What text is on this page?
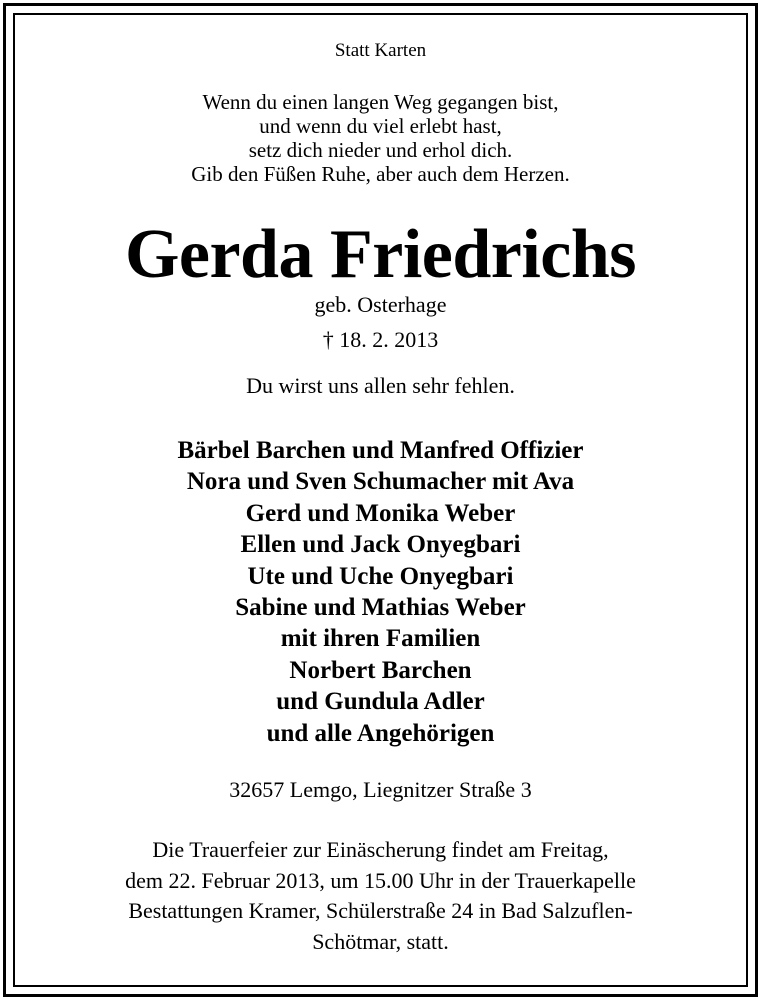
Statt Karten
Wenn du einen langen Weg gegangen bist,
und wenn du viel erlebt hast,
setz dich nieder und erhol dich.
Gib den Füßen Ruhe, aber auch dem Herzen.
Gerda Friedrichs
geb. Osterhage
† 18. 2. 2013
Du wirst uns allen sehr fehlen.
Bärbel Barchen und Manfred Offizier
Nora und Sven Schumacher mit Ava
Gerd und Monika Weber
Ellen und Jack Onyegbari
Ute und Uche Onyegbari
Sabine und Mathias Weber
mit ihren Familien
Norbert Barchen
und Gundula Adler
und alle Angehörigen
32657 Lemgo, Liegnitzer Straße 3
Die Trauerfeier zur Einäscherung findet am Freitag,
dem 22. Februar 2013, um 15.00 Uhr in der Trauerkapelle
Bestattungen Kramer, Schülerstraße 24 in Bad Salzuflen-
Schötmar, statt.
